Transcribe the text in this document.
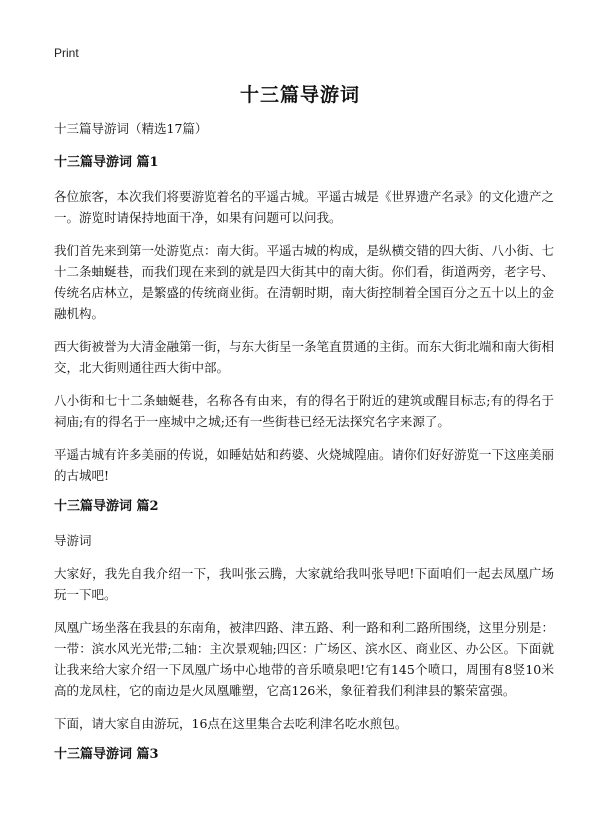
Print
十三篇导游词
十三篇导游词（精选17篇）
十三篇导游词 篇1

各位旅客，本次我们将要游览着名的平遥古城。平遥古城是《世界遗产名录》的文化遗产之一。游览时请保持地面干净，如果有问题可以问我。

我们首先来到第一处游览点：南大街。平遥古城的构成，是纵横交错的四大街、八小街、七十二条蚰蜒巷，而我们现在来到的就是四大街其中的南大街。你们看，街道两旁，老字号、传统名店林立，是繁盛的传统商业街。在清朝时期，南大街控制着全国百分之五十以上的金融机构。

西大街被誉为大清金融第一街，与东大街呈一条笔直贯通的主街。而东大街北端和南大街相交，北大街则通往西大街中部。

八小街和七十二条蚰蜒巷，名称各有由来，有的得名于附近的建筑或醒目标志;有的得名于祠庙;有的得名于一座城中之城;还有一些街巷已经无法探究名字来源了。

平遥古城有许多美丽的传说，如睡姑姑和药婆、火烧城隍庙。请你们好好游览一下这座美丽的古城吧!

十三篇导游词 篇2

导游词

大家好，我先自我介绍一下，我叫张云腾，大家就给我叫张导吧!下面咱们一起去凤凰广场玩一下吧。

凤凰广场坐落在我县的东南角，被津四路、津五路、利一路和利二路所围绕，这里分别是：一带：滨水风光光带;二轴：主次景观轴;四区：广场区、滨水区、商业区、办公区。下面就让我来给大家介绍一下凤凰广场中心地带的音乐喷泉吧!它有145个喷口，周围有8竖10米高的龙凤柱，它的南边是火凤凰雕塑，它高126米，象征着我们利津县的繁荣富强。

下面，请大家自由游玩，16点在这里集合去吃利津名吃水煎包。

十三篇导游词 篇3
